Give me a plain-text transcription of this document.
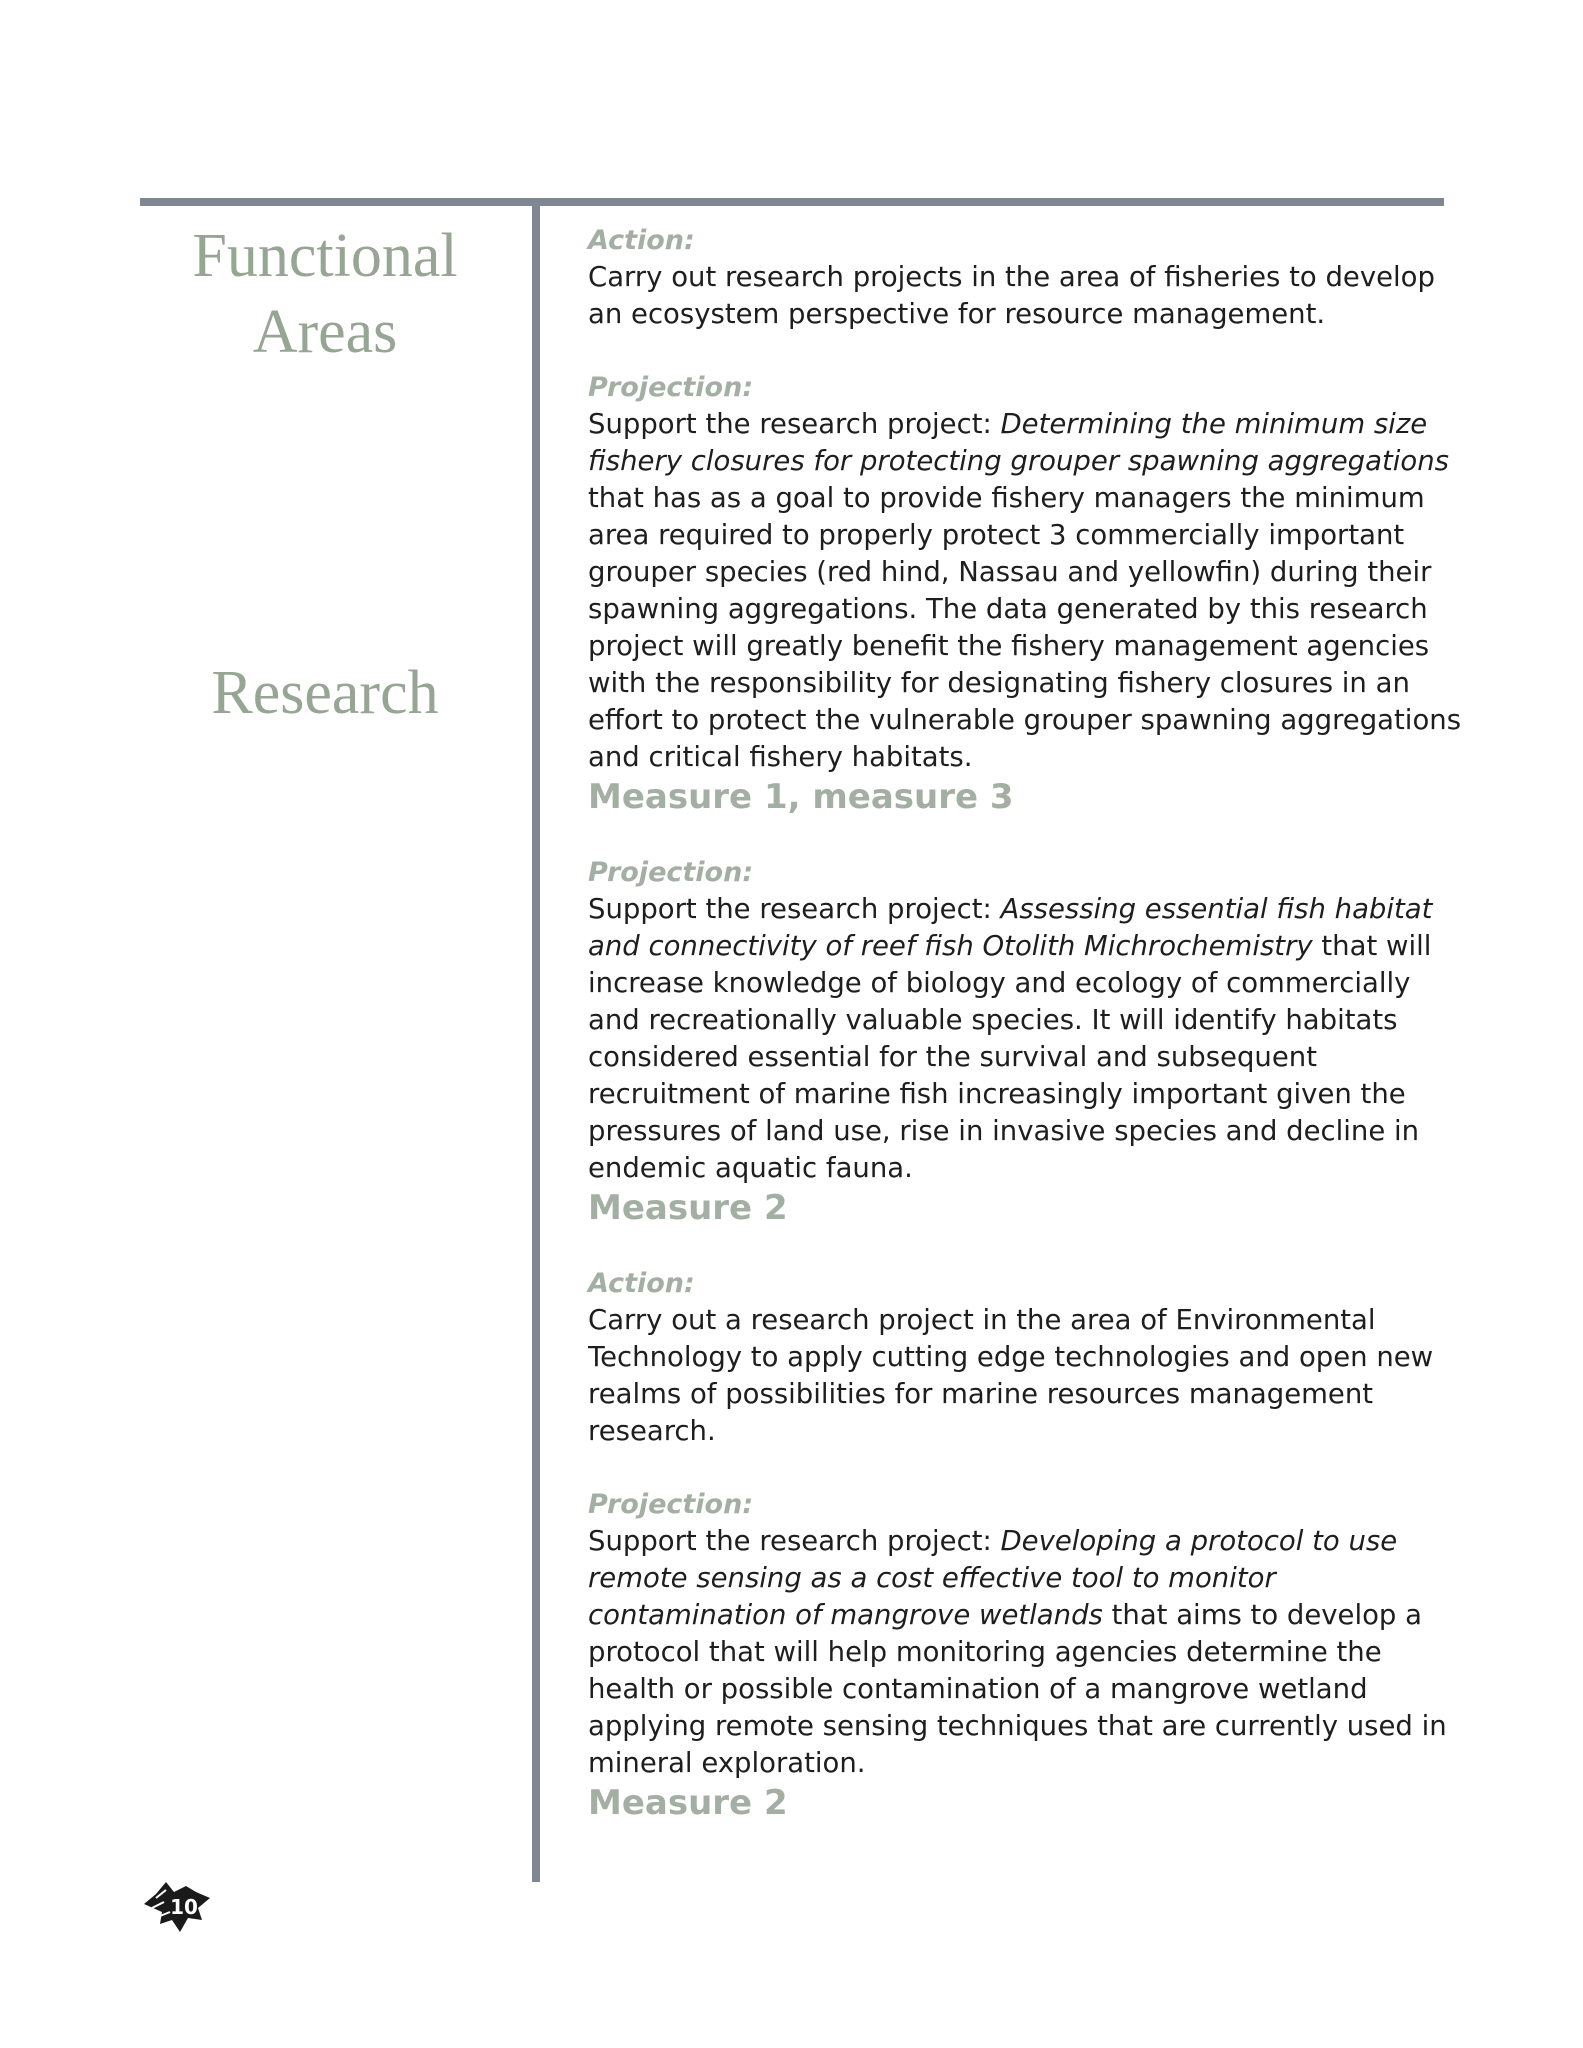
Functional
Areas
Research
Action:

Carry out research projects in the area of fisheries to develop an ecosystem perspective for resource management.

Projection:

Support the research project: Determining the minimum size fishery closures for protecting grouper spawning aggregations that has as a goal to provide fishery managers the minimum area required to properly protect 3 commercially important grouper species (red hind, Nassau and yellowfin) during their spawning aggregations. The data generated by this research project will greatly benefit the fishery management agencies with the responsibility for designating fishery closures in an effort to protect the vulnerable grouper spawning aggregations and critical fishery habitats.

Measure 1, measure 3
Projection:

Support the research project: Assessing essential fish habitat and connectivity of reef fish Otolith Michrochemistry that will increase knowledge of biology and ecology of commercially and recreationally valuable species. It will identify habitats considered essential for the survival and subsequent recruitment of marine fish increasingly important given the pressures of land use, rise in invasive species and decline in endemic aquatic fauna.

Measure 2
Action:

Carry out a research project in the area of Environmental Technology to apply cutting edge technologies and open new realms of possibilities for marine resources management research.

Projection:

Support the research project: Developing a protocol to use remote sensing as a cost effective tool to monitor contamination of mangrove wetlands that aims to develop a protocol that will help monitoring agencies determine the health or possible contamination of a mangrove wetland applying remote sensing techniques that are currently used in mineral exploration.

Measure 2
10
